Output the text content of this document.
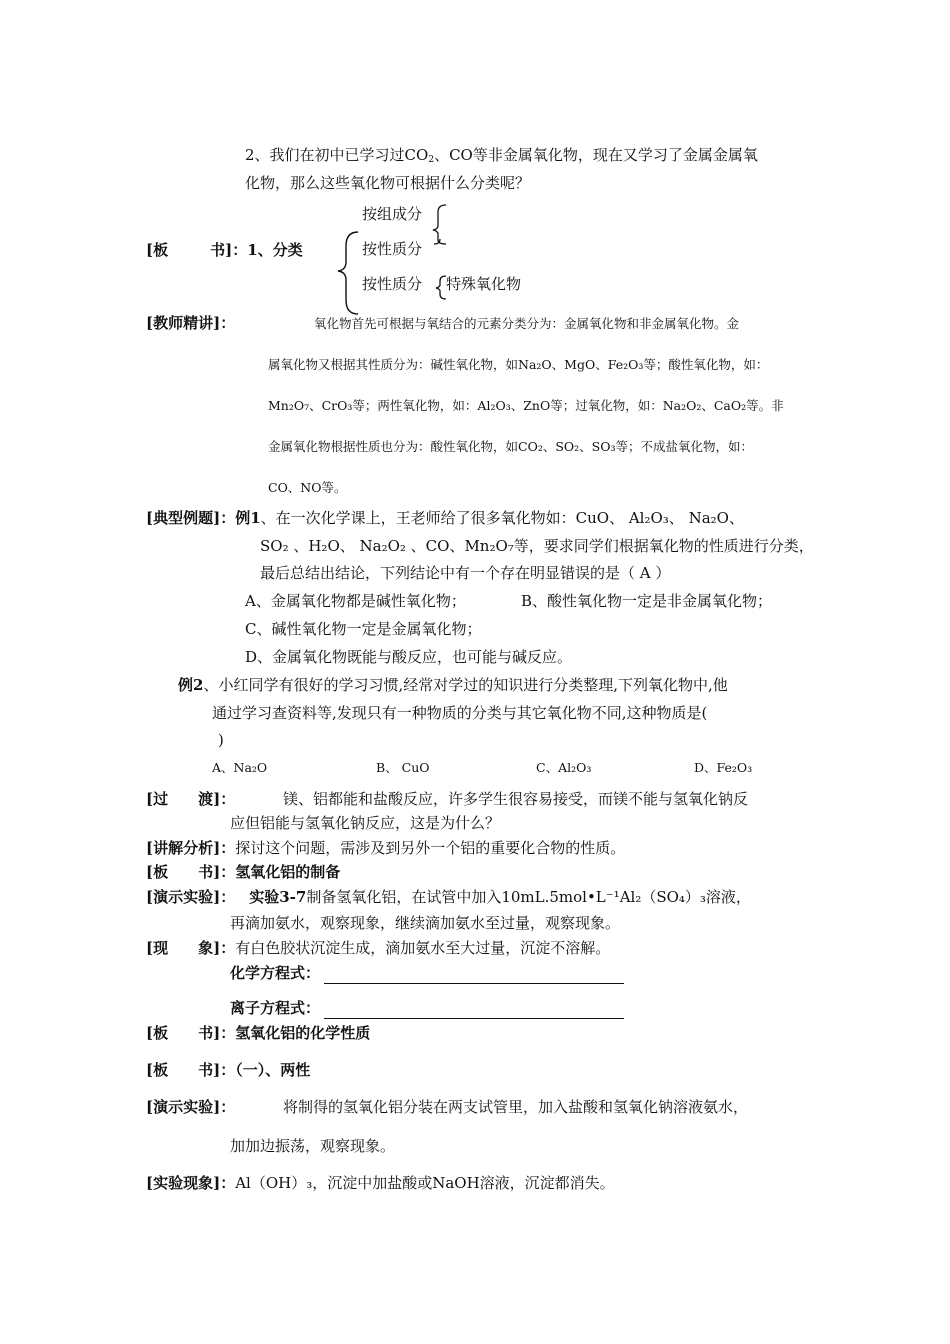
2、我们在初中已学习过$CO_2$、CO等非金属氧化物，现在又学习了金属金属氧
化物，那么这些氧化物可根据什么分类呢？
按组成分
按性质分
按性质分 特殊氧化物
[板	书]：1、分类
[教师精讲]：	氧化物首先可根据与氧结合的元素分类分为：金属氧化物和非金属氧化物。金
属氧化物又根据其性质分为：碱性氧化物，如Na₂O、MgO、Fe₂O₃等；酸性氧化物，如：
Mn₂O₇、CrO₃等；两性氧化物，如：Al₂O₃、ZnO等；过氧化物，如：Na₂O₂、CaO₂等。非
金属氧化物根据性质也分为：酸性氧化物，如CO₂、SO₂、SO₃等；不成盐氧化物，如：
CO、NO等。
[典型例题]：例1、在一次化学课上，王老师给了很多氧化物如：CuO、 Al₂O₃、 Na₂O、
SO₂ 、H₂O、 Na₂O₂ 、CO、Mn₂O₇等，要求同学们根据氧化物的性质进行分类，
最后总结出结论，下列结论中有一个存在明显错误的是（ A ）
A、金属氧化物都是碱性氧化物；	B、酸性氧化物一定是非金属氧化物；
C、碱性氧化物一定是金属氧化物；
D、金属氧化物既能与酸反应，也可能与碱反应。
例2、小红同学有很好的学习习惯,经常对学过的知识进行分类整理,下列氧化物中,他
通过学习查资料等,发现只有一种物质的分类与其它氧化物不同,这种物质是(
)
A、Na₂O	B、 CuO	C、Al₂O₃	D、Fe₂O₃
[过　　渡]：	镁、铝都能和盐酸反应，许多学生很容易接受，而镁不能与氢氧化钠反
应但铝能与氢氧化钠反应，这是为什么？
[讲解分析]：探讨这个问题，需涉及到另外一个铝的重要化合物的性质。
[板　　书]：氢氧化铝的制备
[演示实验]： 实验3-7制备氢氧化铝，在试管中加入10mL.5mol•L⁻¹Al₂（SO₄）₃溶液，
再滴加氨水，观察现象，继续滴加氨水至过量，观察现象。
[现　　象]：有白色胶状沉淀生成，滴加氨水至大过量，沉淀不溶解。
化学方程式：
离子方程式：
[板　　书]：氢氧化铝的化学性质
[板　　书]：（一）、两性
[演示实验]：	将制得的氢氧化铝分装在两支试管里，加入盐酸和氢氧化钠溶液氨水，
加加边振荡，观察现象。
[实验现象]：Al（OH）₃，沉淀中加盐酸或NaOH溶液，沉淀都消失。
